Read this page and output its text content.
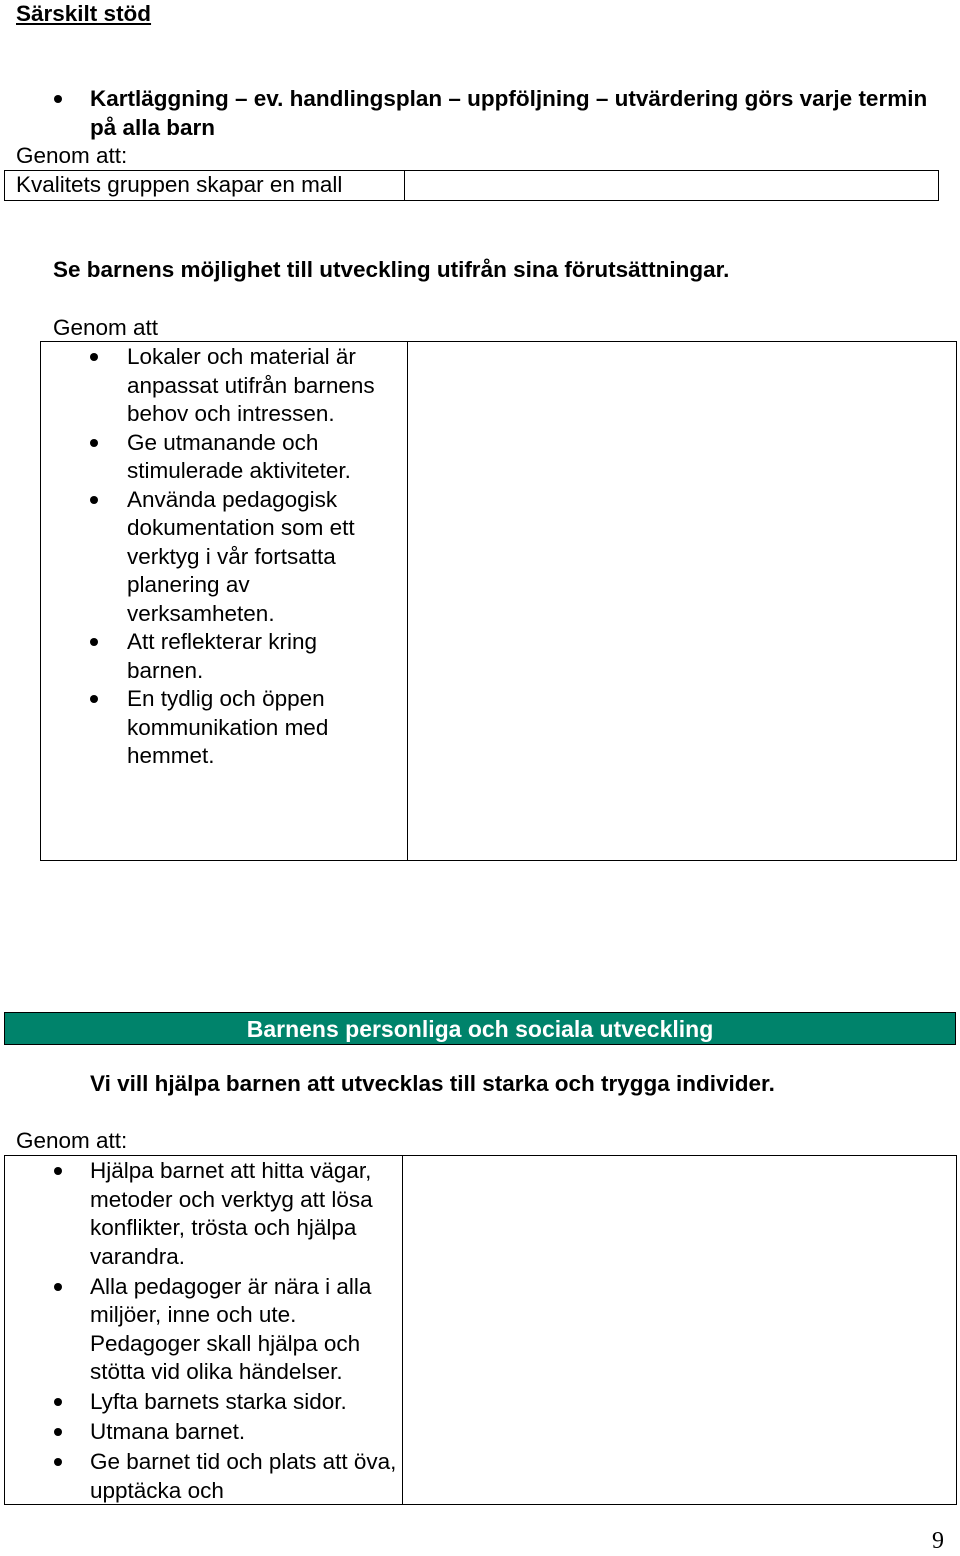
Särskilt stöd
Kartläggning – ev. handlingsplan – uppföljning – utvärdering görs varje termin på alla barn
Genom att:
Kvalitets gruppen skapar en mall
Se barnens möjlighet till utveckling utifrån sina förutsättningar.
Genom att
Lokaler och material är anpassat utifrån barnens behov och intressen.
Ge utmanande och stimulerade aktiviteter.
Använda pedagogisk dokumentation som ett verktyg i vår fortsatta planering av verksamheten.
Att reflekterar kring barnen.
En tydlig och öppen kommunikation med hemmet.
Barnens personliga och sociala utveckling
Vi vill hjälpa barnen att utvecklas till starka och trygga individer.
Genom att:
Hjälpa barnet att hitta vägar, metoder och verktyg att lösa konflikter, trösta och hjälpa varandra.
Alla pedagoger är nära i alla miljöer, inne och ute. Pedagoger skall hjälpa och stötta vid olika händelser.
Lyfta barnets starka sidor.
Utmana barnet.
Ge barnet tid och plats att öva, upptäcka och
9
